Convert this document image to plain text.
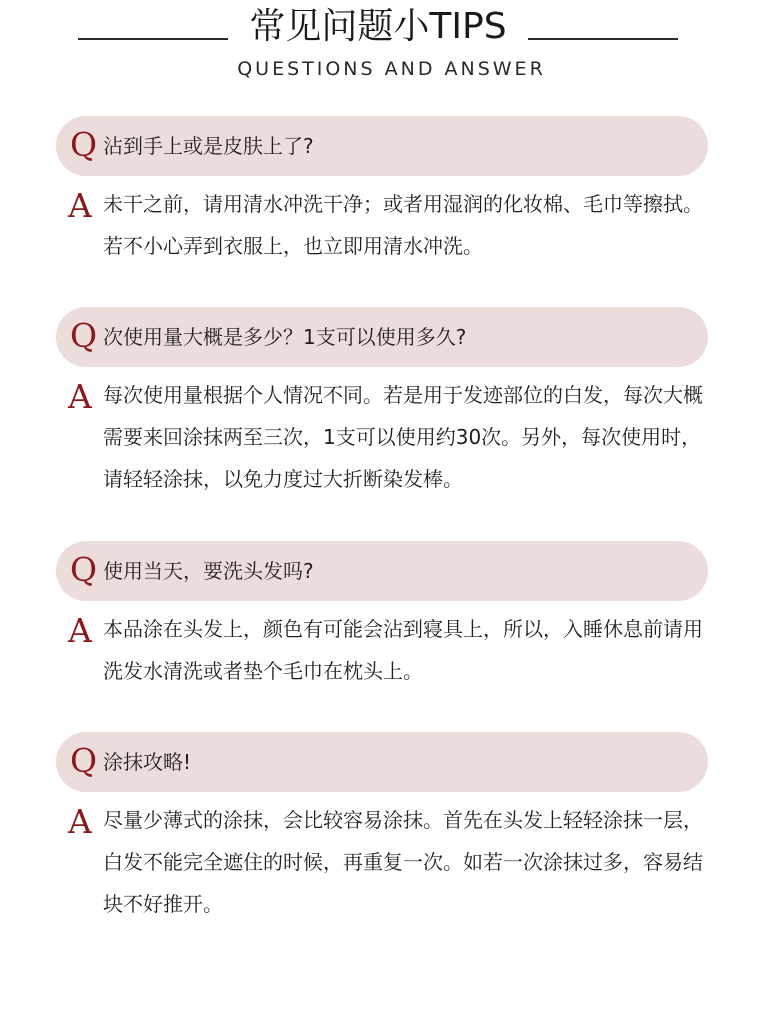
常见问题小TIPS
QUESTIONS AND ANSWER
Q 沾到手上或是皮肤上了?
A 未干之前，请用清水冲洗干净；或者用湿润的化妆棉、毛巾等擦拭。若不小心弄到衣服上，也立即用清水冲洗。
Q 次使用量大概是多少？1支可以使用多久?
A 每次使用量根据个人情况不同。若是用于发迹部位的白发，每次大概需要来回涂抹两至三次，1支可以使用约30次。另外，每次使用时，请轻轻涂抹，以免力度过大折断染发棒。
Q 使用当天，要洗头发吗?
A 本品涂在头发上，颜色有可能会沾到寝具上，所以，入睡休息前请用洗发水清洗或者垫个毛巾在枕头上。
Q 涂抹攻略!
A 尽量少薄式的涂抹，会比较容易涂抹。首先在头发上轻轻涂抹一层，白发不能完全遮住的时候，再重复一次。如若一次涂抹过多，容易结块不好推开。
